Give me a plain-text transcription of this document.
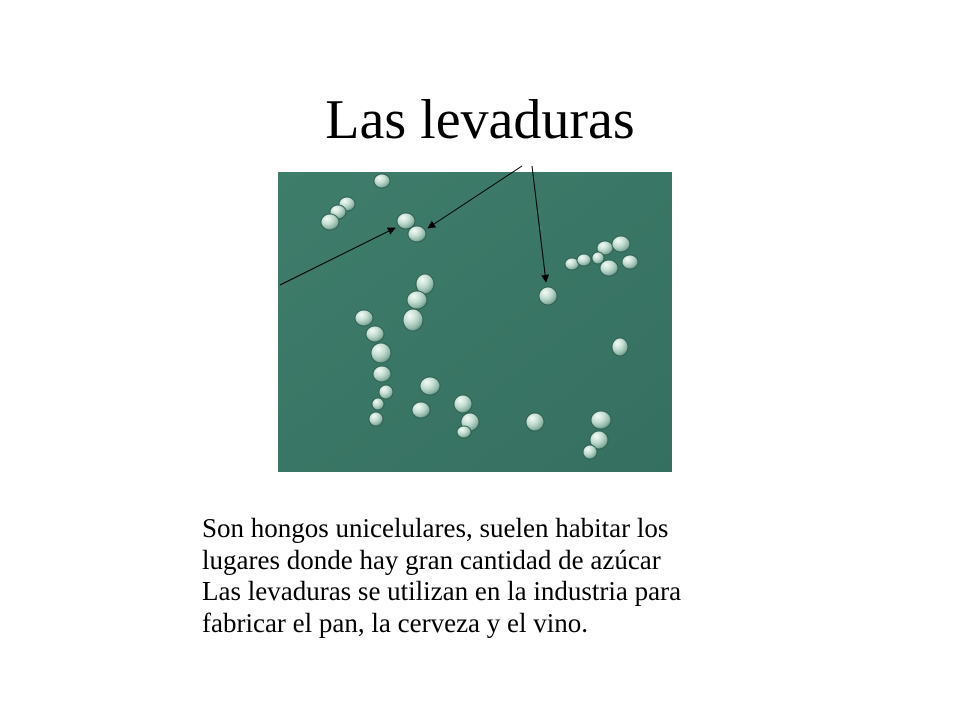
Las levaduras
Son hongos unicelulares, suelen habitar los
lugares donde hay gran cantidad de azúcar
Las levaduras se utilizan en la industria para
fabricar el pan, la cerveza y el vino.
